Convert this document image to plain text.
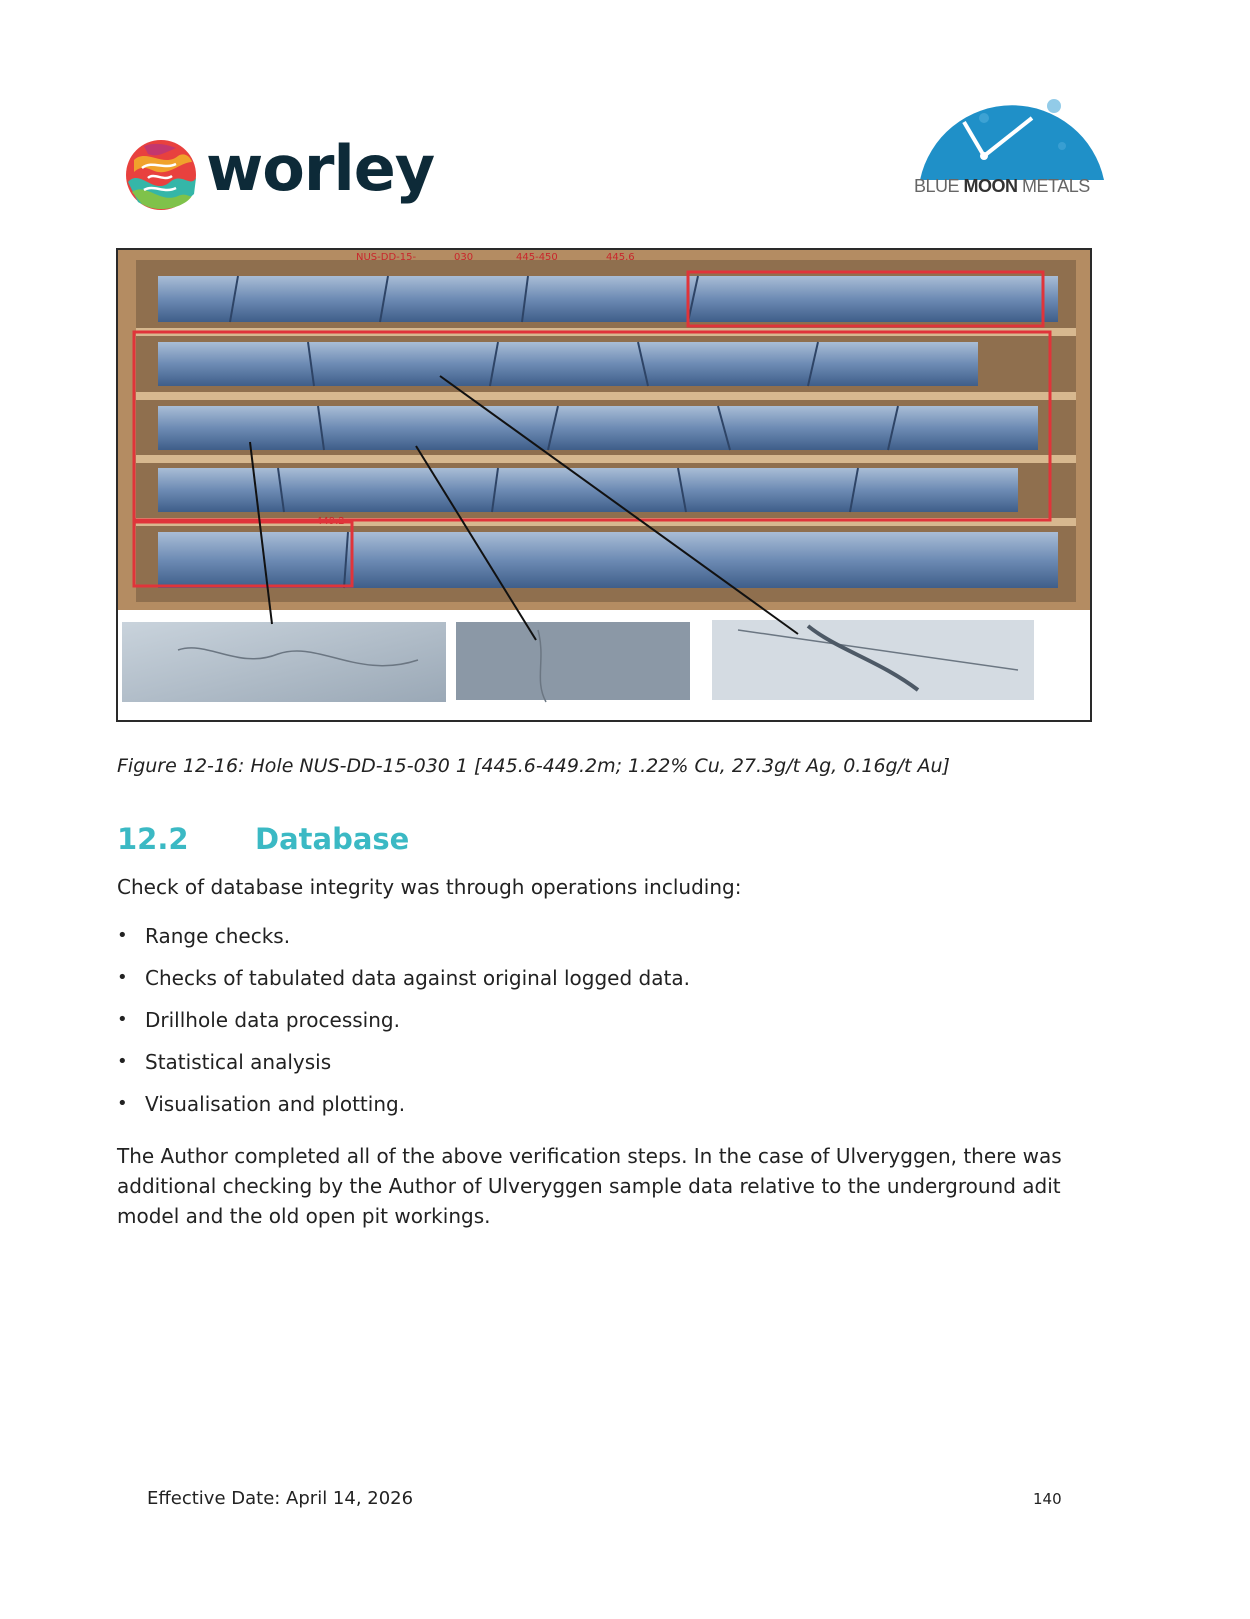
worley	BLUE MOON METALS
NUS-DD-15-	030	445-450	445.6
449.2
Figure 12-16: Hole NUS-DD-15-030 1 [445.6-449.2m; 1.22% Cu, 27.3g/t Ag, 0.16g/t Au]
12.2 Database
Check of database integrity was through operations including:
• Range checks.
• Checks of tabulated data against original logged data.
• Drillhole data processing.
• Statistical analysis
• Visualisation and plotting.
The Author completed all of the above verification steps. In the case of Ulveryggen, there was additional checking by the Author of Ulveryggen sample data relative to the underground adit model and the old open pit workings.
Effective Date: April 14, 2026	140
